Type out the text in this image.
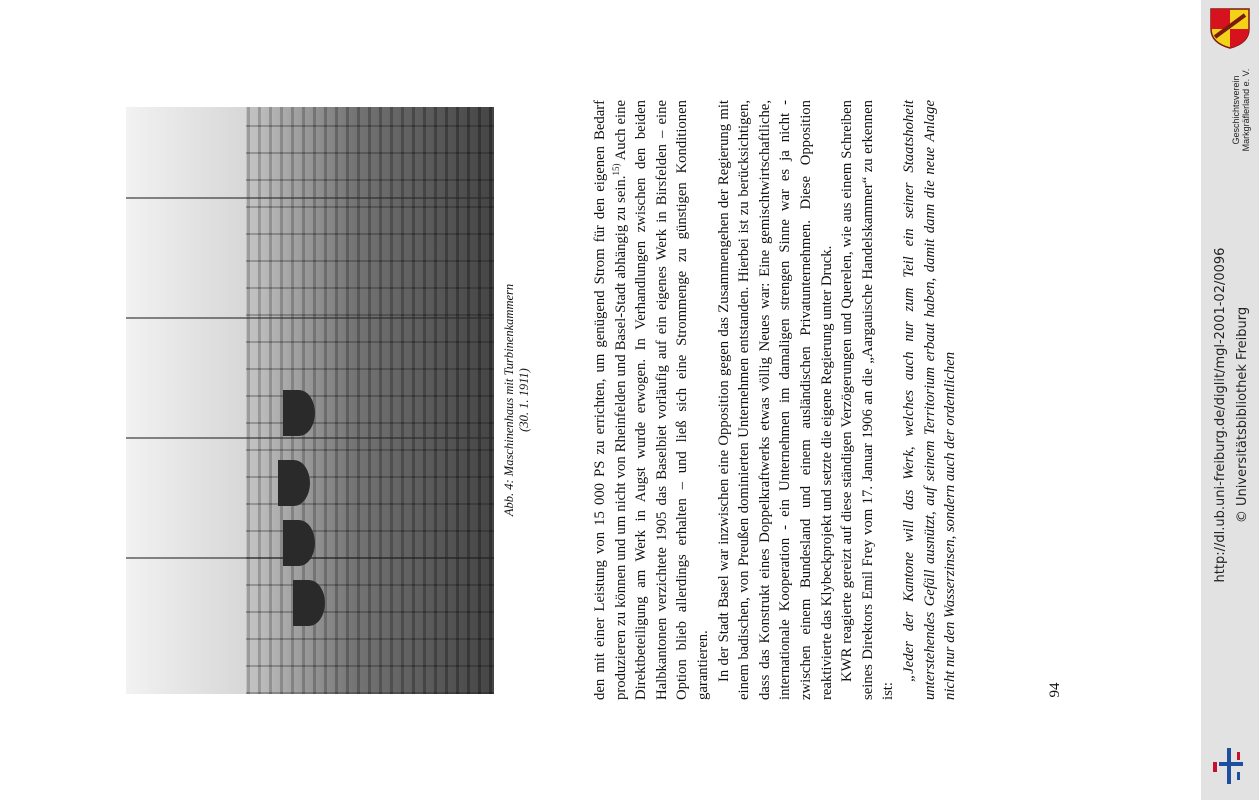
Abb. 4: Maschinenhaus mit Turbinenkammern (30. 1. 1911)	den mit einer Leistung von 15 000 PS zu errichten, um genügend Strom für den eigenen Bedarf produzieren zu können und um nicht von Rheinfelden und Basel-Stadt abhängig zu sein.$^{15)}$ Auch eine Direktbeteiligung am Werk in Augst wurde erwogen. In Verhandlungen zwischen den beiden Halbkantonen verzichtete 1905 das Baselbiet vorläufig auf ein eigenes Werk in Birsfelden – eine Option blieb allerdings erhalten – und ließ sich eine Strommenge zu günstigen Konditionen garantieren. In der Stadt Basel war inzwischen eine Opposition gegen das Zusammengehen der Regierung mit einem badischen, von Preußen dominierten Unternehmen entstanden. Hierbei ist zu berücksichtigen, dass das Konstrukt eines Doppelkraftwerks etwas völlig Neues war: Eine gemischtwirtschaftliche, internationale Kooperation - ein Unternehmen im damaligen strengen Sinne war es ja nicht - zwischen einem Bundesland und einem ausländischen Privatunternehmen. Diese Opposition reaktivierte das Klybeckprojekt und setzte die eigene Regierung unter Druck. KWR reagierte gereizt auf diese ständigen Verzögerungen und Querelen, wie aus einem Schreiben seines Direktors Emil Frey vom 17. Januar 1906 an die „Aargauische Handelskammer“ zu erkennen ist:

„Jeder der Kantone will das Werk, welches auch nur zum Teil ein seiner Staatshoheit unterstehendes Gefäll ausnützt, auf seinem Territorium erbaut haben, damit dann die neue Anlage nicht nur den Wasserzinsen, sondern auch der ordentlichen	94
Geschichtsverein Markgräflerland e. V.
http://dl.ub.uni-freiburg.de/diglit/mgl-2001-02/0096 © Universitätsbibliothek Freiburg
